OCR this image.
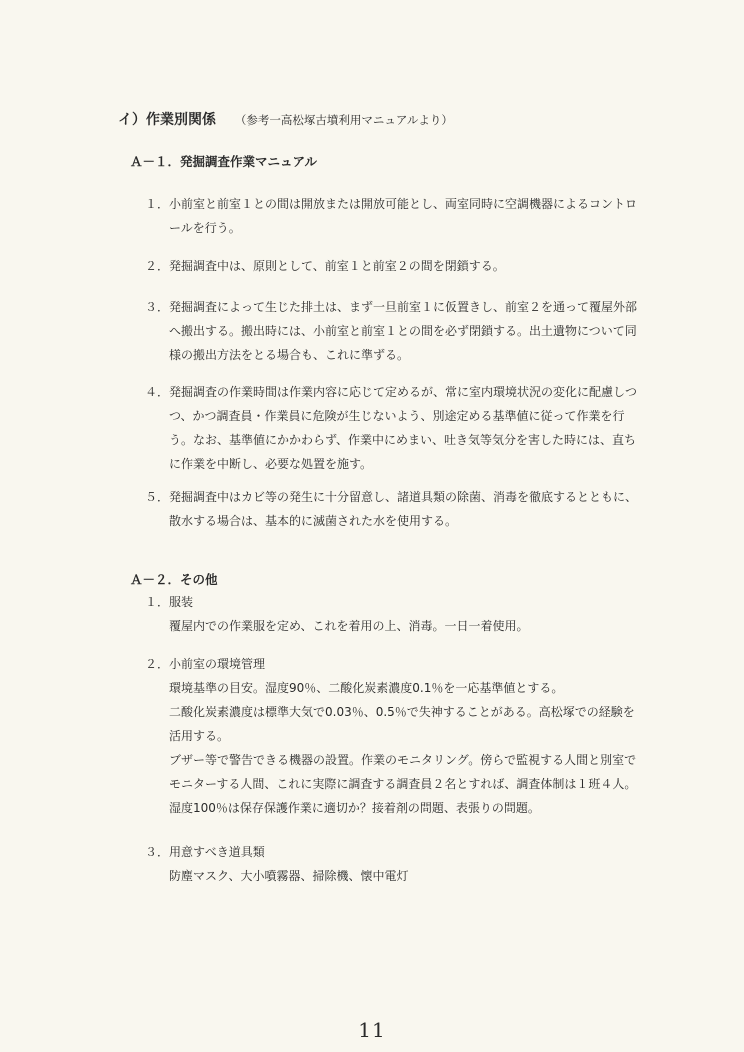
イ）作業別関係 （参考一高松塚古墳利用マニュアルより）
Ａ－１．発掘調査作業マニュアル
１． 小前室と前室１との間は開放または開放可能とし、両室同時に空調機器によるコントロールを行う。
２． 発掘調査中は、原則として、前室１と前室２の間を閉鎖する。
３． 発掘調査によって生じた排土は、まず一旦前室１に仮置きし、前室２を通って覆屋外部へ搬出する。搬出時には、小前室と前室１との間を必ず閉鎖する。出土遺物について同様の搬出方法をとる場合も、これに準ずる。
４． 発掘調査の作業時間は作業内容に応じて定めるが、常に室内環境状況の変化に配慮しつつ、かつ調査員・作業員に危険が生じないよう、別途定める基準値に従って作業を行う。なお、基準値にかかわらず、作業中にめまい、吐き気等気分を害した時には、直ちに作業を中断し、必要な処置を施す。
５． 発掘調査中はカビ等の発生に十分留意し、諸道具類の除菌、消毒を徹底するとともに、散水する場合は、基本的に滅菌された水を使用する。
Ａ－２．その他
１． 服装
覆屋内での作業服を定め、これを着用の上、消毒。一日一着使用。
２． 小前室の環境管理
環境基準の目安。湿度90％、二酸化炭素濃度0.1％を一応基準値とする。
二酸化炭素濃度は標準大気で0.03％、0.5％で失神することがある。高松塚での経験を活用する。
ブザー等で警告できる機器の設置。作業のモニタリング。傍らで監視する人間と別室でモニターする人間、これに実際に調査する調査員２名とすれば、調査体制は１班４人。
湿度100％は保存保護作業に適切か？接着剤の問題、表張りの問題。
３． 用意すべき道具類
防塵マスク、大小噴霧器、掃除機、懐中電灯
11
